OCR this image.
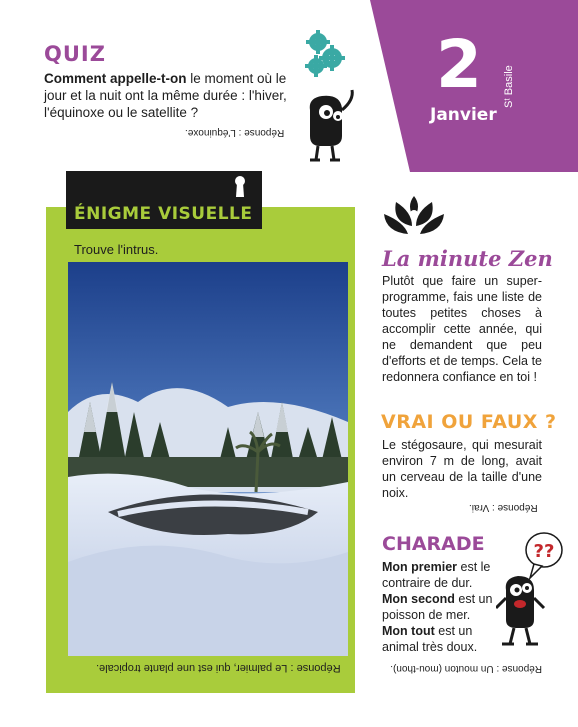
QUIZ
Comment appelle-t-on le moment où le jour et la nuit ont la même durée : l'hiver, l'équinoxe ou le satellite ?
Réponse : L'équinoxe.
2
Janvier
Sᵗ Basile
ÉNIGME VISUELLE
Trouve l'intrus.
Réponse : Le palmier, qui est une plante tropicale.
La minute Zen
Plutôt que faire un super-programme, fais une liste de toutes petites choses à accomplir cette année, qui ne demandent que peu d'efforts et de temps. Cela te redonnera confiance en toi !
VRAI OU FAUX ?
Le stégosaure, qui mesurait environ 7 m de long, avait un cerveau de la taille d'une noix.
Réponse : Vrai.
CHARADE
Mon premier est le contraire de dur.
Mon second est un poisson de mer.
Mon tout est un animal très doux.
??
Réponse : Un mouton (mou-thon).
